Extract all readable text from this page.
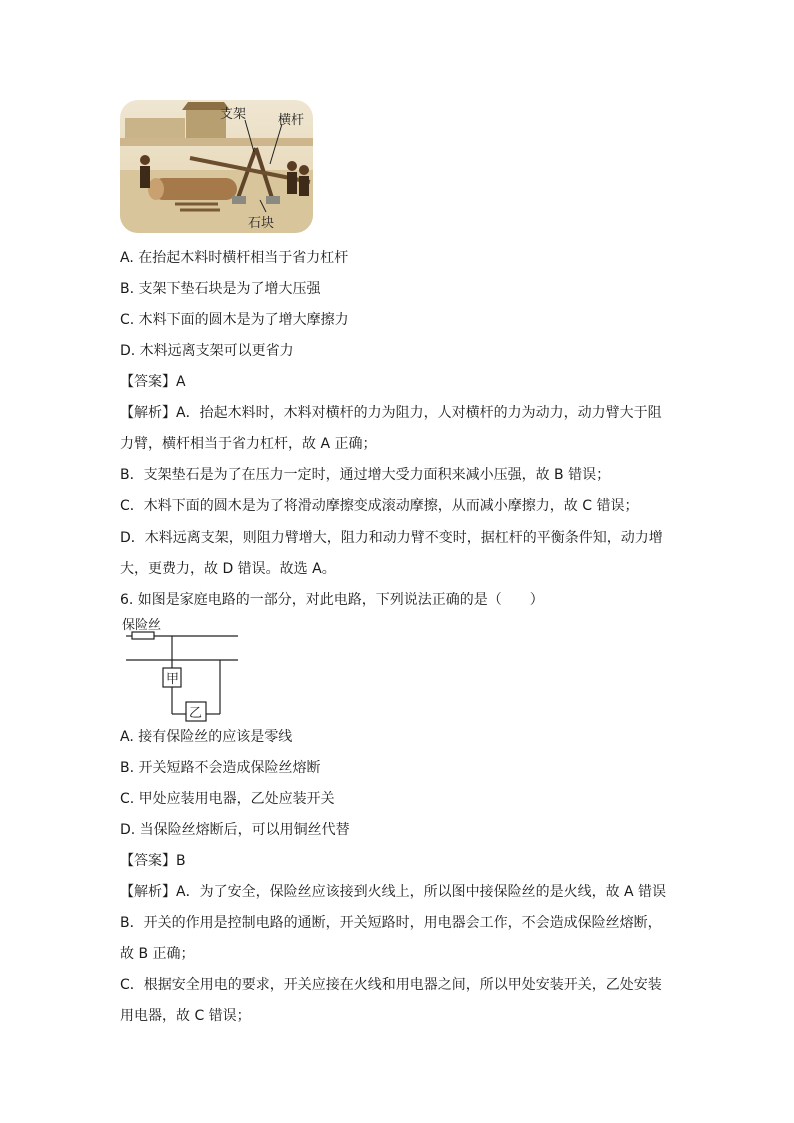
支架 横杆
石块
A. 在抬起木料时横杆相当于省力杠杆
B. 支架下垫石块是为了增大压强
C. 木料下面的圆木是为了增大摩擦力
D. 木料远离支架可以更省力
【答案】A
【解析】A．抬起木料时，木料对横杆的力为阻力，人对横杆的力为动力，动力臂大于阻
力臂，横杆相当于省力杠杆，故 A 正确；
B．支架垫石是为了在压力一定时，通过增大受力面积来减小压强，故 B 错误；
C．木料下面的圆木是为了将滑动摩擦变成滚动摩擦，从而减小摩擦力，故 C 错误；
D．木料远离支架，则阻力臂增大，阻力和动力臂不变时，据杠杆的平衡条件知，动力增
大，更费力，故 D 错误。故选 A。
6. 如图是家庭电路的一部分，对此电路，下列说法正确的是（　　）
保险丝
甲
乙
A. 接有保险丝的应该是零线
B. 开关短路不会造成保险丝熔断
C. 甲处应装用电器，乙处应装开关
D. 当保险丝熔断后，可以用铜丝代替
【答案】B
【解析】A．为了安全，保险丝应该接到火线上，所以图中接保险丝的是火线，故 A 错误
B．开关的作用是控制电路的通断，开关短路时，用电器会工作，不会造成保险丝熔断，
故 B 正确；
C．根据安全用电的要求，开关应接在火线和用电器之间，所以甲处安装开关，乙处安装
用电器，故 C 错误；
